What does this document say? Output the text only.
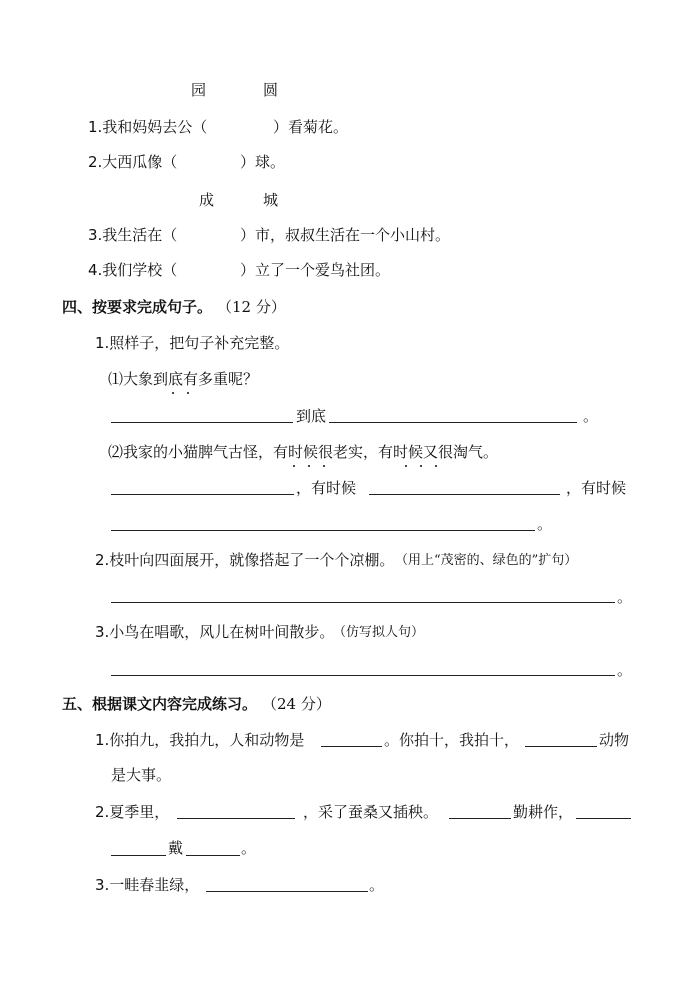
园	圆
1.我和妈妈去公（	）看菊花。
2.大西瓜像（	）球。
成	城
3.我生活在（	）市，叔叔生活在一个小山村。
4.我们学校（	）立了一个爱鸟社团。
四、按要求完成句子。 （12 分）
1.照样子，把句子补充完整。
⑴大象到底有多重呢？
到底	。
⑵我家的小猫脾气古怪，有时候很老实，有时候又很淘气。
，有时候	，有时候
。
2.枝叶向四面展开，就像搭起了一个个凉棚。 （用上“茂密的、绿色的”扩句）
。
3.小鸟在唱歌，风儿在树叶间散步。
（仿写拟人句）
。
五、根据课文内容完成练习。 （24 分）
1.你拍九，我拍九，人和动物是	。你拍十，我拍十，	动物
是大事。
2.夏季里，	，采了蚕桑又插秧。	勤耕作，
戴	。
3.一畦春韭绿，	。
